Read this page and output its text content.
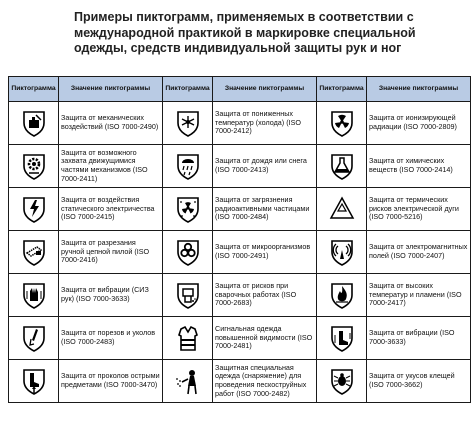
Примеры пиктограмм, применяемых в соответствии с международной практикой в маркировке специальной одежды, средств индивидуальной защиты рук и ног
Пиктограмма	Значение пиктограммы	Пиктограмма	Значение пиктограммы	Пиктограмма	Значение пиктограммы

	Защита от механических воздействий (ISO 7000-2490)		Защита от пониженных температур (холода) (ISO 7000-2412)		Защита от ионизирующей радиации (ISO 7000-2809)

	Защита от возможного захвата движущимися частями механизмов (ISO 7000-2411)		Защита от дождя или снега (ISO 7000-2413)		Защита от химических веществ (ISO 7000-2414)

	Защита от воздействия статического электричества (ISO 7000-2415)		Защита от загрязнения радиоактивными частицами (ISO 7000-2484)		Защита от термических рисков электрической дуги (ISO 7000-5216)

	Защита от разрезания ручной цепной пилой (ISO 7000-2416)		Защита от микроорганизмов (ISO 7000-2491)		Защита от электромагнитных полей (ISO 7000-2407)

	Защита от вибрации (СИЗ рук) (ISO 7000-3633)		Защита от рисков при сварочных работах (ISO 7000-2683)		Защита от высоких температур и пламени (ISO 7000-2417)

	Защита от порезов и уколов (ISO 7000-2483)		Сигнальная одежда повышенной видимости (ISO 7000-2481)		Защита от вибрации (ISO 7000-3633)

	Защита от проколов острыми предметами (ISO 7000-3470)		Защитная специальная одежда (снаряжение) для проведения пескоструйных работ (ISO 7000-2482)		Защита от укусов клещей (ISO 7000-3662)
